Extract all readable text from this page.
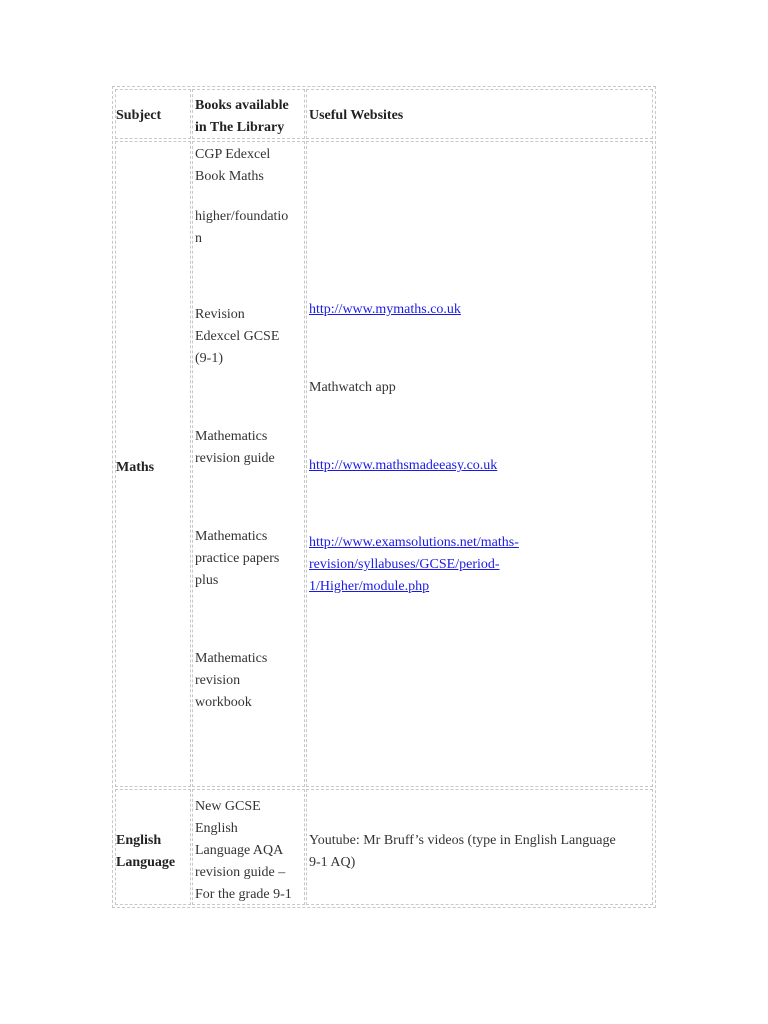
Subject

Books available

in The Library

Useful Websites

Maths

CGP Edexcel

Book Maths

higher/foundatio

n

Revision

Edexcel GCSE

(9-1)

Mathematics

revision guide

Mathematics

practice papers

plus

Mathematics

revision

workbook

http://www.mymaths.co.uk

Mathwatch app

http://www.mathsmadeeasy.co.uk
http://www.examsolutions.net/maths-
revision/syllabuses/GCSE/period-
1/Higher/module.php

English

Language

New GCSE

English

Language AQA

revision guide –

For the grade 9-1

Youtube: Mr Bruff’s videos (type in English Language

9-1 AQ)
